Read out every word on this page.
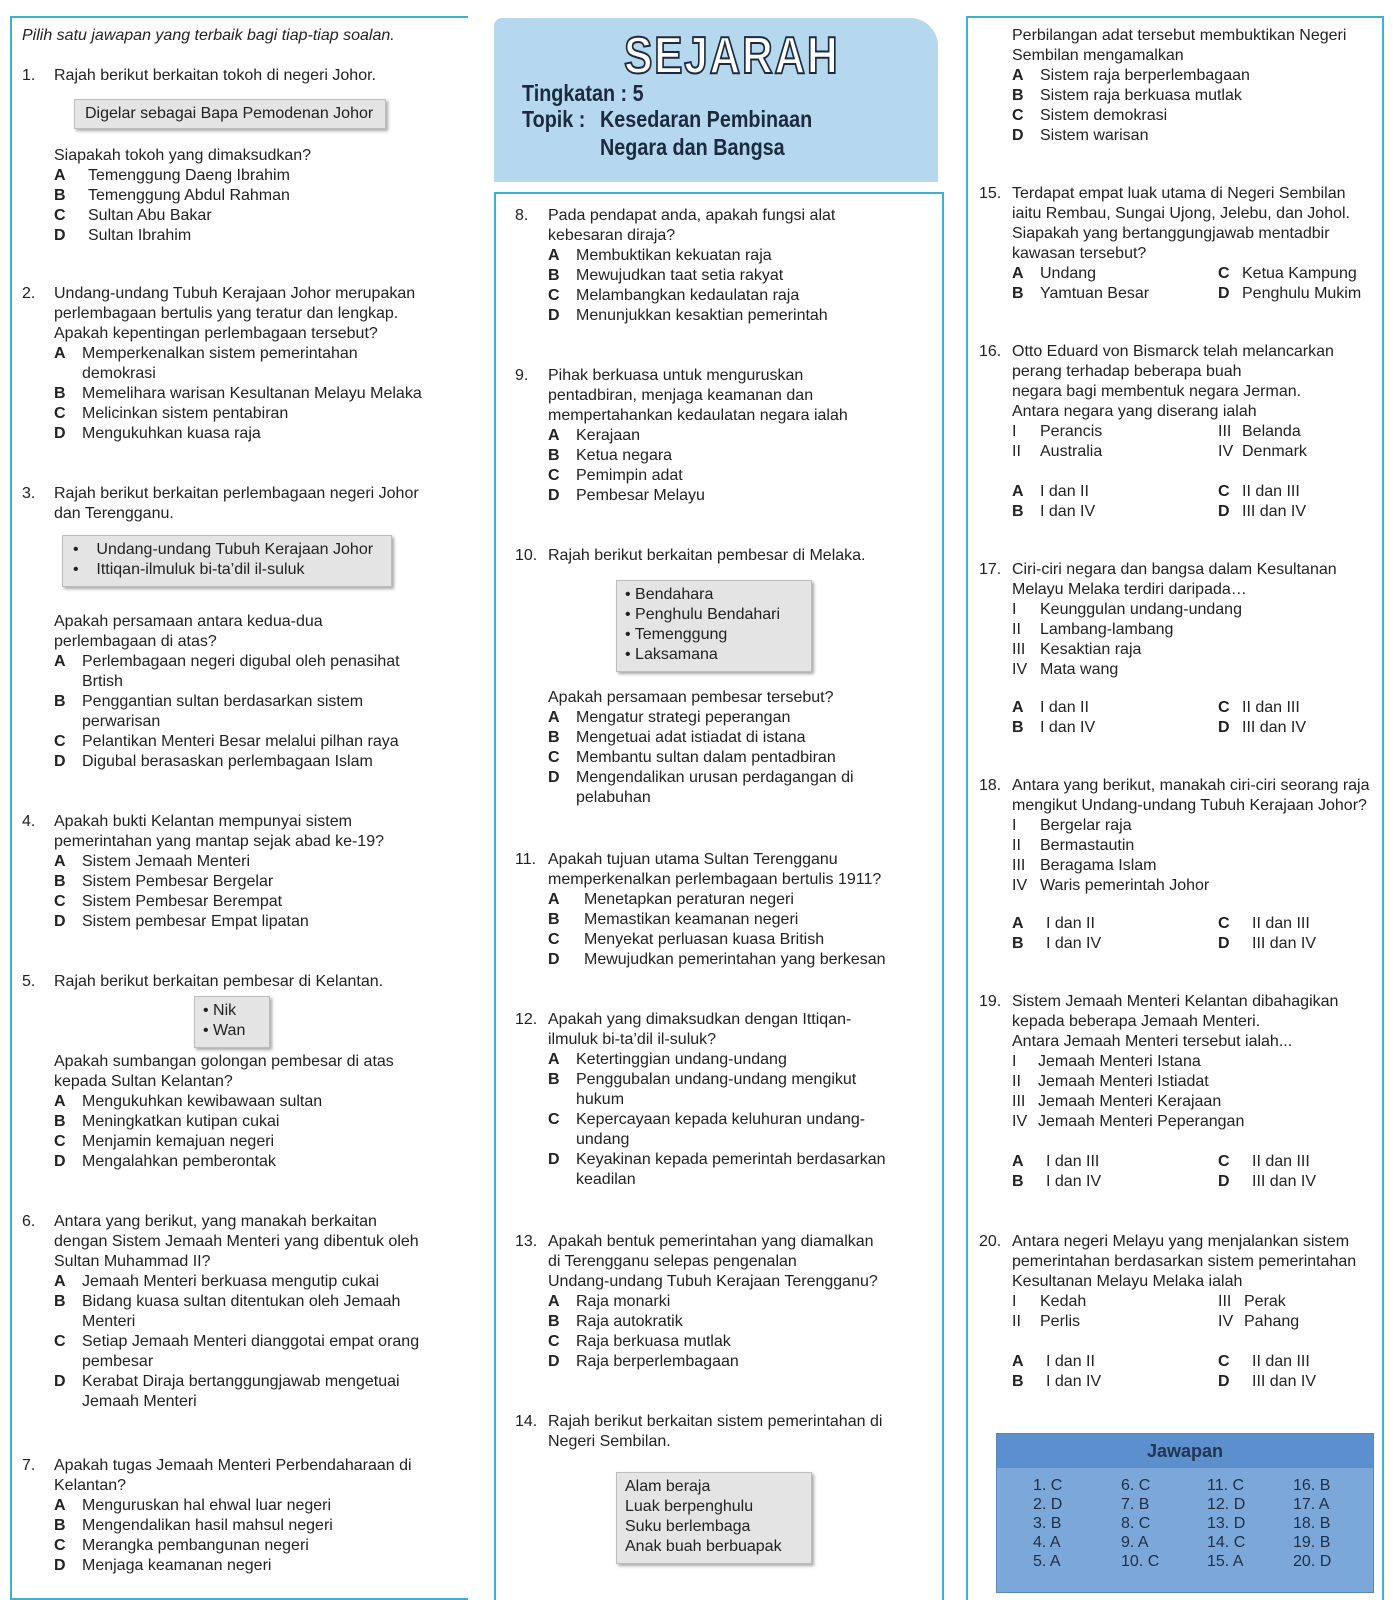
SEJARAH
Tingkatan : 5
Topik : Kesedaran Pembinaan
Negara dan Bangsa
Pilih satu jawapan yang terbaik bagi tiap-tiap soalan.
1. Rajah berikut berkaitan tokoh di negeri Johor.
Digelar sebagai Bapa Pemodenan Johor
Siapakah tokoh yang dimaksudkan?
A Temenggung Daeng Ibrahim
B Temenggung Abdul Rahman
C Sultan Abu Bakar
D Sultan Ibrahim
2. Undang-undang Tubuh Kerajaan Johor merupakan
perlembagaan bertulis yang teratur dan lengkap.
Apakah kepentingan perlembagaan tersebut?
A Memperkenalkan sistem pemerintahan
demokrasi
B Memelihara warisan Kesultanan Melayu Melaka
C Melicinkan sistem pentabiran
D Mengukuhkan kuasa raja
3. Rajah berikut berkaitan perlembagaan negeri Johor
dan Terengganu.
•    Undang-undang Tubuh Kerajaan Johor
•    Ittiqan-ilmuluk bi-ta’dil il-suluk
Apakah persamaan antara kedua-dua
perlembagaan di atas?
A Perlembagaan negeri digubal oleh penasihat
Brtish
B Penggantian sultan berdasarkan sistem
perwarisan
C Pelantikan Menteri Besar melalui pilhan raya
D Digubal berasaskan perlembagaan Islam
4. Apakah bukti Kelantan mempunyai sistem
pemerintahan yang mantap sejak abad ke-19?
A Sistem Jemaah Menteri
B Sistem Pembesar Bergelar
C Sistem Pembesar Berempat
D Sistem pembesar Empat lipatan
5. Rajah berikut berkaitan pembesar di Kelantan.
• Nik
• Wan
Apakah sumbangan golongan pembesar di atas
kepada Sultan Kelantan?
A Mengukuhkan kewibawaan sultan
B Meningkatkan kutipan cukai
C Menjamin kemajuan negeri
D Mengalahkan pemberontak
6. Antara yang berikut, yang manakah berkaitan
dengan Sistem Jemaah Menteri yang dibentuk oleh
Sultan Muhammad II?
A Jemaah Menteri berkuasa mengutip cukai
B Bidang kuasa sultan ditentukan oleh Jemaah
Menteri
C Setiap Jemaah Menteri dianggotai empat orang
pembesar
D Kerabat Diraja bertanggungjawab mengetuai
Jemaah Menteri
7. Apakah tugas Jemaah Menteri Perbendaharaan di
Kelantan?
A Menguruskan hal ehwal luar negeri
B Mengendalikan hasil mahsul negeri
C Merangka pembangunan negeri
D Menjaga keamanan negeri
8. Pada pendapat anda, apakah fungsi alat
kebesaran diraja?
A Membuktikan kekuatan raja
B Mewujudkan taat setia rakyat
C Melambangkan kedaulatan raja
D Menunjukkan kesaktian pemerintah
9. Pihak berkuasa untuk menguruskan
pentadbiran, menjaga keamanan dan
mempertahankan kedaulatan negara ialah
A Kerajaan
B Ketua negara
C Pemimpin adat
D Pembesar Melayu
10. Rajah berikut berkaitan pembesar di Melaka.
• Bendahara
• Penghulu Bendahari
• Temenggung
• Laksamana
Apakah persamaan pembesar tersebut?
A Mengatur strategi peperangan
B Mengetuai adat istiadat di istana
C Membantu sultan dalam pentadbiran
D Mengendalikan urusan perdagangan di
pelabuhan
11. Apakah tujuan utama Sultan Terengganu
memperkenalkan perlembagaan bertulis 1911?
A Menetapkan peraturan negeri
B Memastikan keamanan negeri
C Menyekat perluasan kuasa British
D Mewujudkan pemerintahan yang berkesan
12. Apakah yang dimaksudkan dengan Ittiqan-
ilmuluk bi-ta’dil il-suluk?
A Ketertinggian undang-undang
B Penggubalan undang-undang mengikut
hukum
C Kepercayaan kepada keluhuran undang-
undang
D Keyakinan kepada pemerintah berdasarkan
keadilan
13. Apakah bentuk pemerintahan yang diamalkan
di Terengganu selepas pengenalan
Undang-undang Tubuh Kerajaan Terengganu?
A Raja monarki
B Raja autokratik
C Raja berkuasa mutlak
D Raja berperlembagaan
14. Rajah berikut berkaitan sistem pemerintahan di
Negeri Sembilan.
Alam beraja
Luak berpenghulu
Suku berlembaga
Anak buah berbuapak
Perbilangan adat tersebut membuktikan Negeri
Sembilan mengamalkan
A Sistem raja berperlembagaan
B Sistem raja berkuasa mutlak
C Sistem demokrasi
D Sistem warisan
15. Terdapat empat luak utama di Negeri Sembilan
iaitu Rembau, Sungai Ujong, Jelebu, dan Johol.
Siapakah yang bertanggungjawab mentadbir
kawasan tersebut?
A Undang
B Yamtuan Besar
C Ketua Kampung
D Penghulu Mukim
16. Otto Eduard von Bismarck telah melancarkan
perang terhadap beberapa buah
negara bagi membentuk negara Jerman.
Antara negara yang diserang ialah
I Perancis
II Australia
III Belanda
IV Denmark
A I dan II
B I dan IV
C II dan III
D III dan IV
17. Ciri-ciri negara dan bangsa dalam Kesultanan
Melayu Melaka terdiri daripada…
I Keunggulan undang-undang
II Lambang-lambang
III Kesaktian raja
IV Mata wang
A I dan II
B I dan IV
C II dan III
D III dan IV
18. Antara yang berikut, manakah ciri-ciri seorang raja
mengikut Undang-undang Tubuh Kerajaan Johor?
I Bergelar raja
II Bermastautin
III Beragama Islam
IV Waris pemerintah Johor
A I dan II
B I dan IV
C II dan III
D III dan IV
19. Sistem Jemaah Menteri Kelantan dibahagikan
kepada beberapa Jemaah Menteri.
Antara Jemaah Menteri tersebut ialah...
I Jemaah Menteri Istana
II Jemaah Menteri Istiadat
III Jemaah Menteri Kerajaan
IV Jemaah Menteri Peperangan
A I dan III
B I dan IV
C II dan III
D III dan IV
20. Antara negeri Melayu yang menjalankan sistem
pemerintahan berdasarkan sistem pemerintahan
Kesultanan Melayu Melaka ialah
I Kedah
II Perlis
III Perak
IV Pahang
A I dan II
B I dan IV
C II dan III
D III dan IV
Jawapan
1. C
2. D
3. B
4. A
5. A
6. C
7. B
8. C
9. A
10. C
11. C
12. D
13. D
14. C
15. A
16. B
17. A
18. B
19. B
20. D
